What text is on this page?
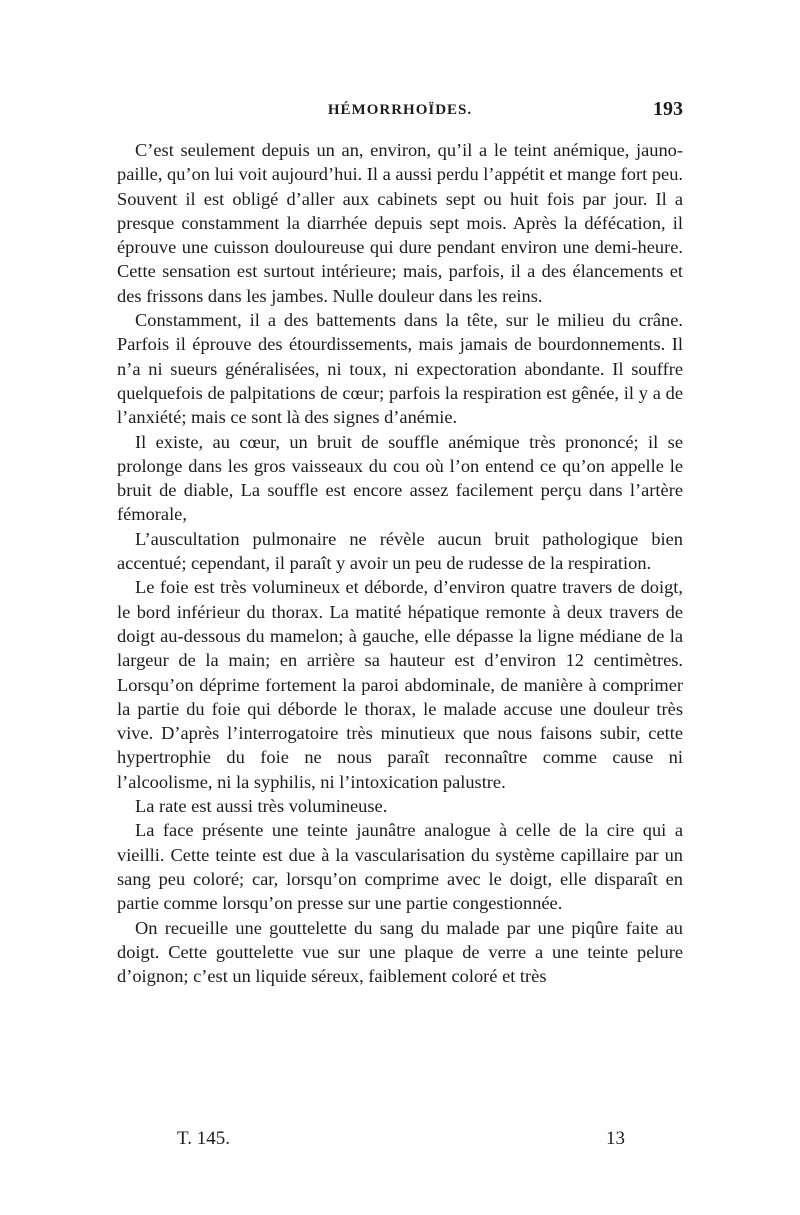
HÉMORRHOÏDES.	193

C’est seulement depuis un an, environ, qu’il a le teint anémique, jauno-paille, qu’on lui voit aujourd’hui. Il a aussi perdu l’appétit et mange fort peu. Souvent il est obligé d’aller aux cabinets sept ou huit fois par jour. Il a presque constamment la diarrhée depuis sept mois. Après la défécation, il éprouve une cuisson douloureuse qui dure pendant environ une demi-heure. Cette sensation est surtout intérieure; mais, parfois, il a des élancements et des frissons dans les jambes. Nulle douleur dans les reins.

Constamment, il a des battements dans la tête, sur le milieu du crâne. Parfois il éprouve des étourdissements, mais jamais de bourdonnements. Il n’a ni sueurs généralisées, ni toux, ni expectoration abondante. Il souffre quelquefois de palpitations de cœur; parfois la respiration est gênée, il y a de l’anxiété; mais ce sont là des signes d’anémie.

Il existe, au cœur, un bruit de souffle anémique très prononcé; il se prolonge dans les gros vaisseaux du cou où l’on entend ce qu’on appelle le bruit de diable, La souffle est encore assez facilement perçu dans l’artère fémorale,

L’auscultation pulmonaire ne révèle aucun bruit pathologique bien accentué; cependant, il paraît y avoir un peu de rudesse de la respiration.

Le foie est très volumineux et déborde, d’environ quatre travers de doigt, le bord inférieur du thorax. La matité hépatique remonte à deux travers de doigt au-dessous du mamelon; à gauche, elle dépasse la ligne médiane de la largeur de la main; en arrière sa hauteur est d’environ 12 centimètres. Lorsqu’on déprime fortement la paroi abdominale, de manière à comprimer la partie du foie qui déborde le thorax, le malade accuse une douleur très vive. D’après l’interrogatoire très minutieux que nous faisons subir, cette hypertrophie du foie ne nous paraît reconnaître comme cause ni l’alcoolisme, ni la syphilis, ni l’intoxication palustre.

La rate est aussi très volumineuse.

La face présente une teinte jaunâtre analogue à celle de la cire qui a vieilli. Cette teinte est due à la vascularisation du système capillaire par un sang peu coloré; car, lorsqu’on comprime avec le doigt, elle disparaît en partie comme lorsqu’on presse sur une partie congestionnée.

On recueille une gouttelette du sang du malade par une piqûre faite au doigt. Cette gouttelette vue sur une plaque de verre a une teinte pelure d’oignon; c’est un liquide séreux, faiblement coloré et très

T. 145.	13
